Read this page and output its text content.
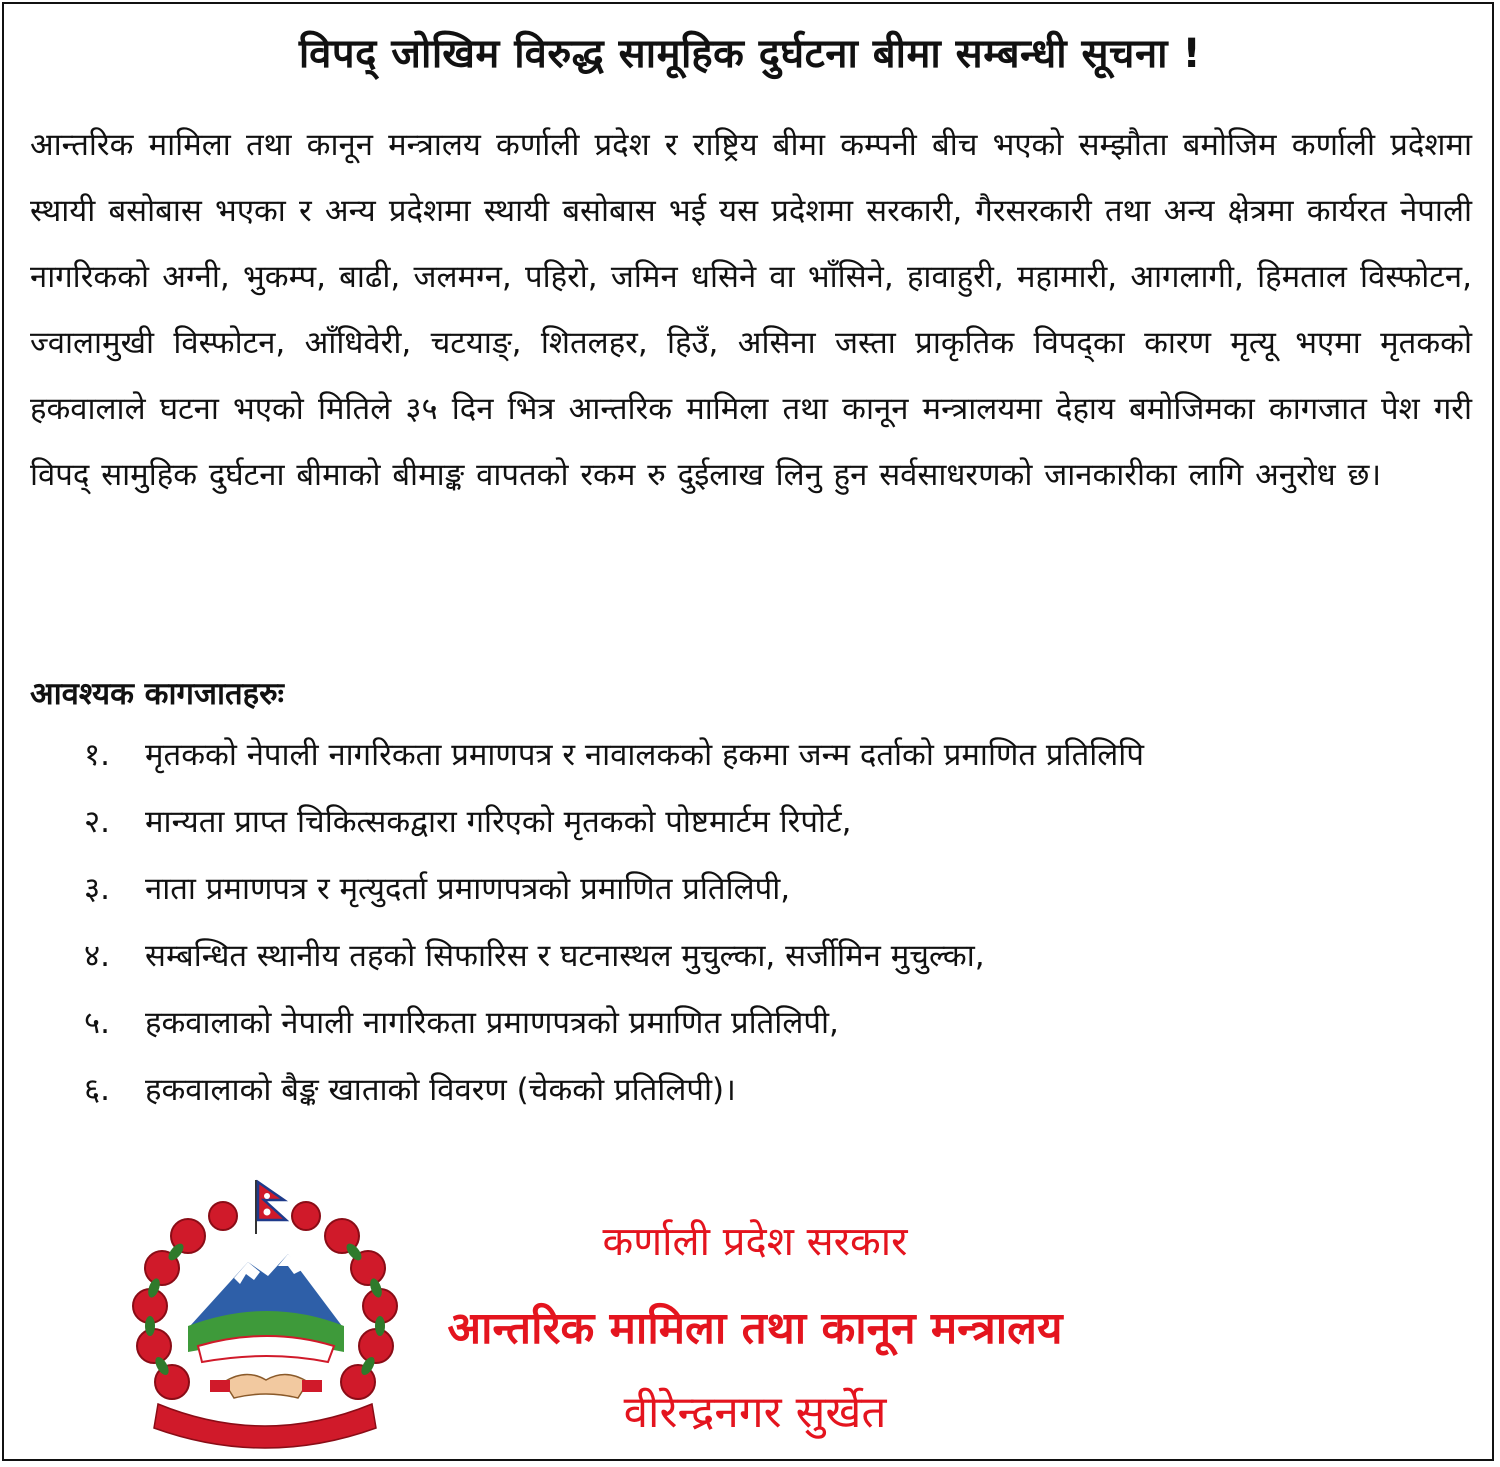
विपद् जोखिम विरुद्ध सामूहिक दुर्घटना बीमा सम्बन्धी सूचना !
आन्तरिक मामिला तथा कानून मन्त्रालय कर्णाली प्रदेश र राष्ट्रिय बीमा कम्पनी बीच भएको सम्झौता बमोजिम कर्णाली प्रदेशमा स्थायी बसोबास भएका र अन्य प्रदेशमा स्थायी बसोबास भई यस प्रदेशमा सरकारी, गैरसरकारी तथा अन्य क्षेत्रमा कार्यरत नेपाली नागरिकको अग्नी, भुकम्प, बाढी, जलमग्न, पहिरो, जमिन धसिने वा भाँसिने, हावाहुरी, महामारी, आगलागी, हिमताल विस्फोटन, ज्वालामुखी विस्फोटन, आँधिवेरी, चटयाङ्, शितलहर, हिउँ, असिना जस्ता प्राकृतिक विपद्का कारण मृत्यू भएमा मृतकको हकवालाले घटना भएको मितिले ३५ दिन भित्र आन्तरिक मामिला तथा कानून मन्त्रालयमा देहाय बमोजिमका कागजात पेश गरी विपद् सामुहिक दुर्घटना बीमाको बीमाङ्क वापतको रकम रु दुईलाख लिनु हुन सर्वसाधरणको जानकारीका लागि अनुरोध छ।
आवश्यक कागजातहरुः
१. मृतकको नेपाली नागरिकता प्रमाणपत्र र नावालकको हकमा जन्म दर्ताको प्रमाणित प्रतिलिपि
२. मान्यता प्राप्त चिकित्सकद्वारा गरिएको मृतकको पोष्टमार्टम रिपोर्ट,
३. नाता प्रमाणपत्र र मृत्युदर्ता प्रमाणपत्रको प्रमाणित प्रतिलिपी,
४. सम्बन्धित स्थानीय तहको सिफारिस र घटनास्थल मुचुल्का, सर्जीमिन मुचुल्का,
५. हकवालाको नेपाली नागरिकता प्रमाणपत्रको प्रमाणित प्रतिलिपी,
६. हकवालाको बैङ्क खाताको विवरण (चेकको प्रतिलिपी)।
कर्णाली प्रदेश सरकार
आन्तरिक मामिला तथा कानून मन्त्रालय
वीरेन्द्रनगर सुर्खेत
